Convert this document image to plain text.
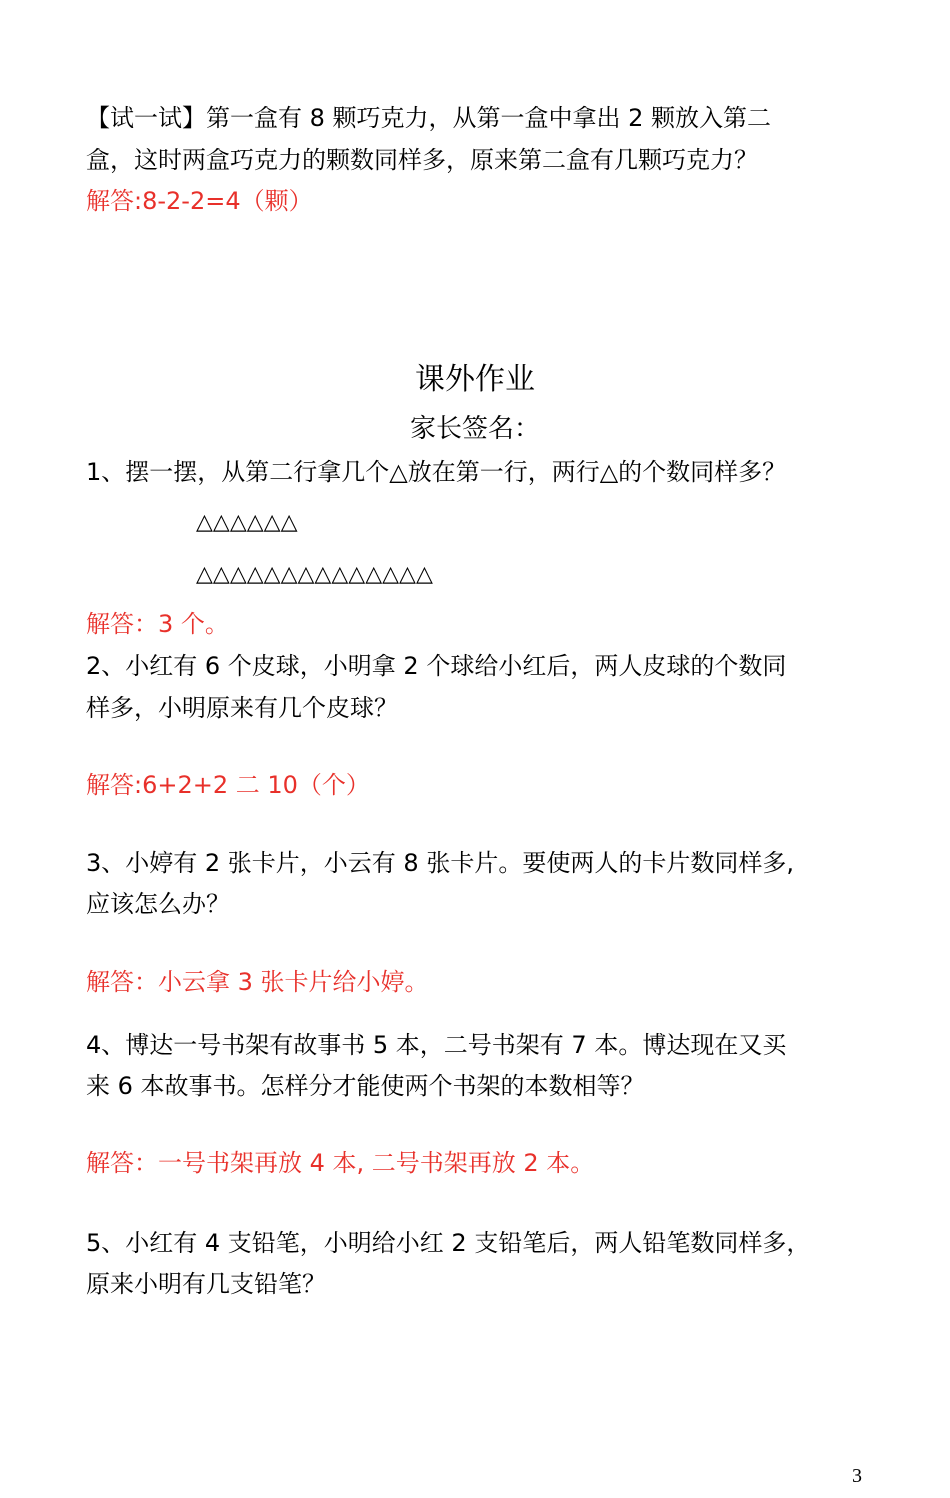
【试一试】第一盒有 8 颗巧克力，从第一盒中拿出 2 颗放入第二
盒，这时两盒巧克力的颗数同样多，原来第二盒有几颗巧克力？
解答:8-2-2=4（颗）
课外作业
家长签名：
1、摆一摆，从第二行拿几个△放在第一行，两行△的个数同样多？
△△△△△△
△△△△△△△△△△△△△△
解答：3 个。
2、小红有 6 个皮球，小明拿 2 个球给小红后，两人皮球的个数同
样多，小明原来有几个皮球？
解答:6+2+2 二 10（个）
3、小婷有 2 张卡片，小云有 8 张卡片。要使两人的卡片数同样多,
应该怎么办？
解答：小云拿 3 张卡片给小婷。
4、博达一号书架有故事书 5 本，二号书架有 7 本。博达现在又买
来 6 本故事书。怎样分才能使两个书架的本数相等？
解答：一号书架再放 4 本, 二号书架再放 2 本。
5、小红有 4 支铅笔，小明给小红 2 支铅笔后，两人铅笔数同样多，
原来小明有几支铅笔？
3
